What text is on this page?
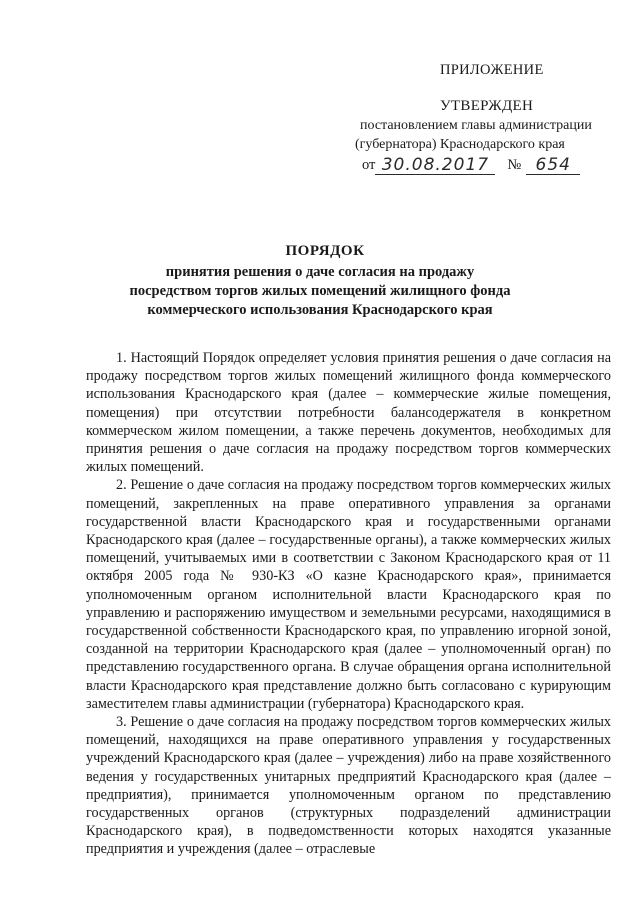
ПРИЛОЖЕНИЕ
УТВЕРЖДЕН
постановлением главы администрации
(губернатора) Краснодарского края
от 30.08.2017	№ 654
ПОРЯДОК
принятия решения о даче согласия на продажу
посредством торгов жилых помещений жилищного фонда
коммерческого использования Краснодарского края

1. Настоящий Порядок определяет условия принятия решения о даче согласия на продажу посредством торгов жилых помещений жилищного фонда коммерческого использования Краснодарского края (далее – коммерческие жилые помещения, помещения) при отсутствии потребности балансодержателя в конкретном коммерческом жилом помещении, а также перечень документов, необходимых для принятия решения о даче согласия на продажу посредством торгов коммерческих жилых помещений.

2. Решение о даче согласия на продажу посредством торгов коммерческих жилых помещений, закрепленных на праве оперативного управления за органами государственной власти Краснодарского края и государственными органами Краснодарского края (далее – государственные органы), а также коммерческих жилых помещений, учитываемых ими в соответствии с Законом Краснодарского края от 11 октября 2005 года № 930-КЗ «О казне Краснодарского края», принимается уполномоченным органом исполнительной власти Краснодарского края по управлению и распоряжению имуществом и земельными ресурсами, находящимися в государственной собственности Краснодарского края, по управлению игорной зоной, созданной на территории Краснодарского края (далее – уполномоченный орган) по представлению государственного органа. В случае обращения органа исполнительной власти Краснодарского края представление должно быть согласовано с курирующим заместителем главы администрации (губернатора) Краснодарского края.

3. Решение о даче согласия на продажу посредством торгов коммерческих жилых помещений, находящихся на праве оперативного управления у государственных учреждений Краснодарского края (далее – учреждения) либо на праве хозяйственного ведения у государственных унитарных предприятий Краснодарского края (далее – предприятия), принимается уполномоченным органом по представлению государственных органов (структурных подразделений администрации Краснодарского края), в подведомственности которых находятся указанные предприятия и учреждения (далее – отраслевые
